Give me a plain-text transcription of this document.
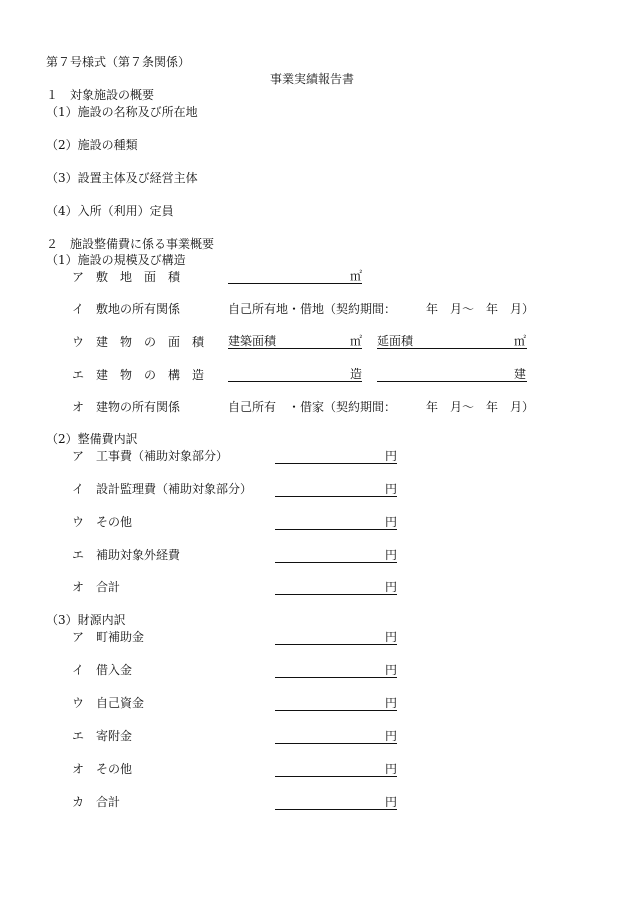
第７号様式（第７条関係）
事業実績報告書
１　対象施設の概要
（1）施設の名称及び所在地
（2）施設の種類
（3）設置主体及び経営主体
（4）入所（利用）定員
２　施設整備費に係る事業概要
（1）施設の規模及び構造
ア　敷　地　面　積	㎡
イ　敷地の所有関係	自己所有地・借地（契約期間：　　　年　月～　年　月）
ウ　建　物　の　面　積 建築面積	㎡ 延面積	㎡
エ　建　物　の　構　造	造	建
オ　建物の所有関係	自己所有　・借家（契約期間：　　　年　月～　年　月）
（2）整備費内訳
ア　工事費（補助対象部分）	円
イ　設計監理費（補助対象部分）	円
ウ　その他	円
エ　補助対象外経費	円
オ　合計	円
（3）財源内訳
ア　町補助金	円
イ　借入金	円
ウ　自己資金	円
エ　寄附金	円
オ　その他	円
カ　合計	円
